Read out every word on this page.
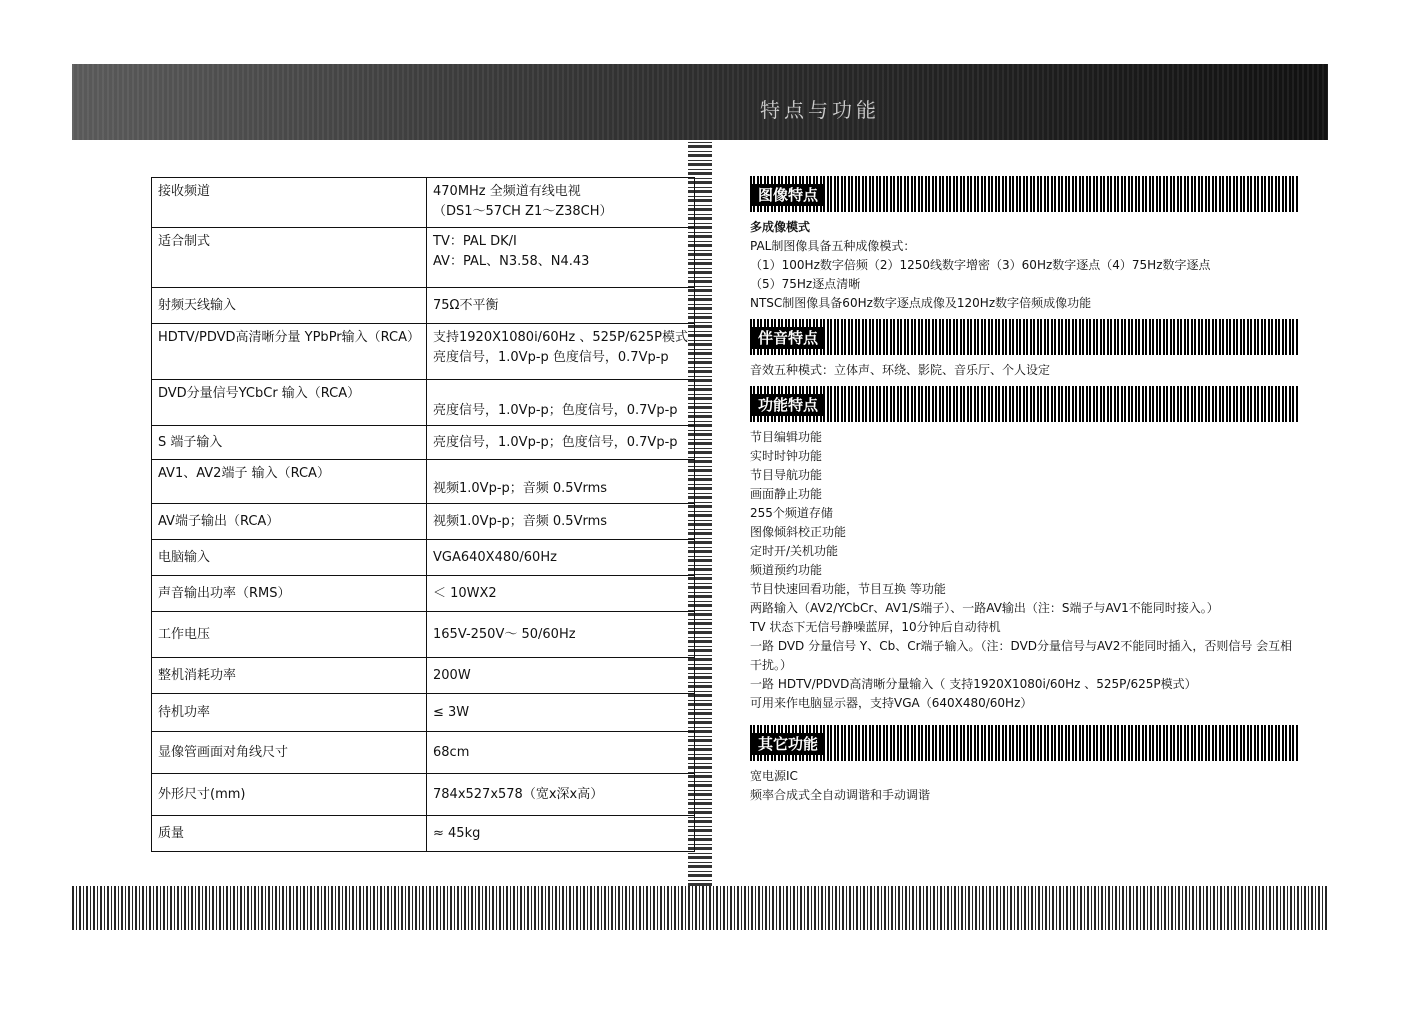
特点与功能
接收频道	470MHz 全频道有线电视
（DS1～57CH Z1～Z38CH）

适合制式	TV：PAL DK/I
AV：PAL、N3.58、N4.43

射频天线输入	75Ω不平衡

HDTV/PDVD高清晰分量 YPbPr输入（RCA）	支持1920X1080i/60Hz 、525P/625P模式
亮度信号，1.0Vp-p 色度信号，0.7Vp-p

DVD分量信号YCbCr 输入（RCA）	亮度信号，1.0Vp-p；色度信号，0.7Vp-p

S 端子输入	亮度信号，1.0Vp-p；色度信号，0.7Vp-p

AV1、AV2端子 输入（RCA）	视频1.0Vp-p；音频 0.5Vrms

AV端子输出（RCA）	视频1.0Vp-p；音频 0.5Vrms

电脑输入	VGA640X480/60Hz

声音输出功率（RMS）	＜ 10WX2

工作电压	165V-250V～ 50/60Hz

整机消耗功率	200W

待机功率	≤ 3W

显像管画面对角线尺寸	68cm

外形尺寸(mm)	784x527x578（宽x深x高）

质量	≈ 45kg
图像特点
多成像模式
PAL制图像具备五种成像模式：
（1）100Hz数字倍频（2）1250线数字增密（3）60Hz数字逐点（4）75Hz数字逐点
（5）75Hz逐点清晰
NTSC制图像具备60Hz数字逐点成像及120Hz数字倍频成像功能
伴音特点
音效五种模式：立体声、环绕、影院、音乐厅、个人设定
功能特点
节目编辑功能
实时时钟功能
节目导航功能
画面静止功能
255个频道存储
图像倾斜校正功能
定时开/关机功能
频道预约功能
节目快速回看功能，节目互换 等功能
两路输入（AV2/YCbCr、AV1/S端子）、一路AV输出（注：S端子与AV1不能同时接入。）
TV 状态下无信号静噪蓝屏，10分钟后自动待机
一路 DVD 分量信号 Y、Cb、Cr端子输入。（注：DVD分量信号与AV2不能同时插入，否则信号 会互相干扰。）
一路 HDTV/PDVD高清晰分量输入（ 支持1920X1080i/60Hz 、525P/625P模式）
可用来作电脑显示器，支持VGA（640X480/60Hz）
其它功能
宽电源IC
频率合成式全自动调谐和手动调谐
